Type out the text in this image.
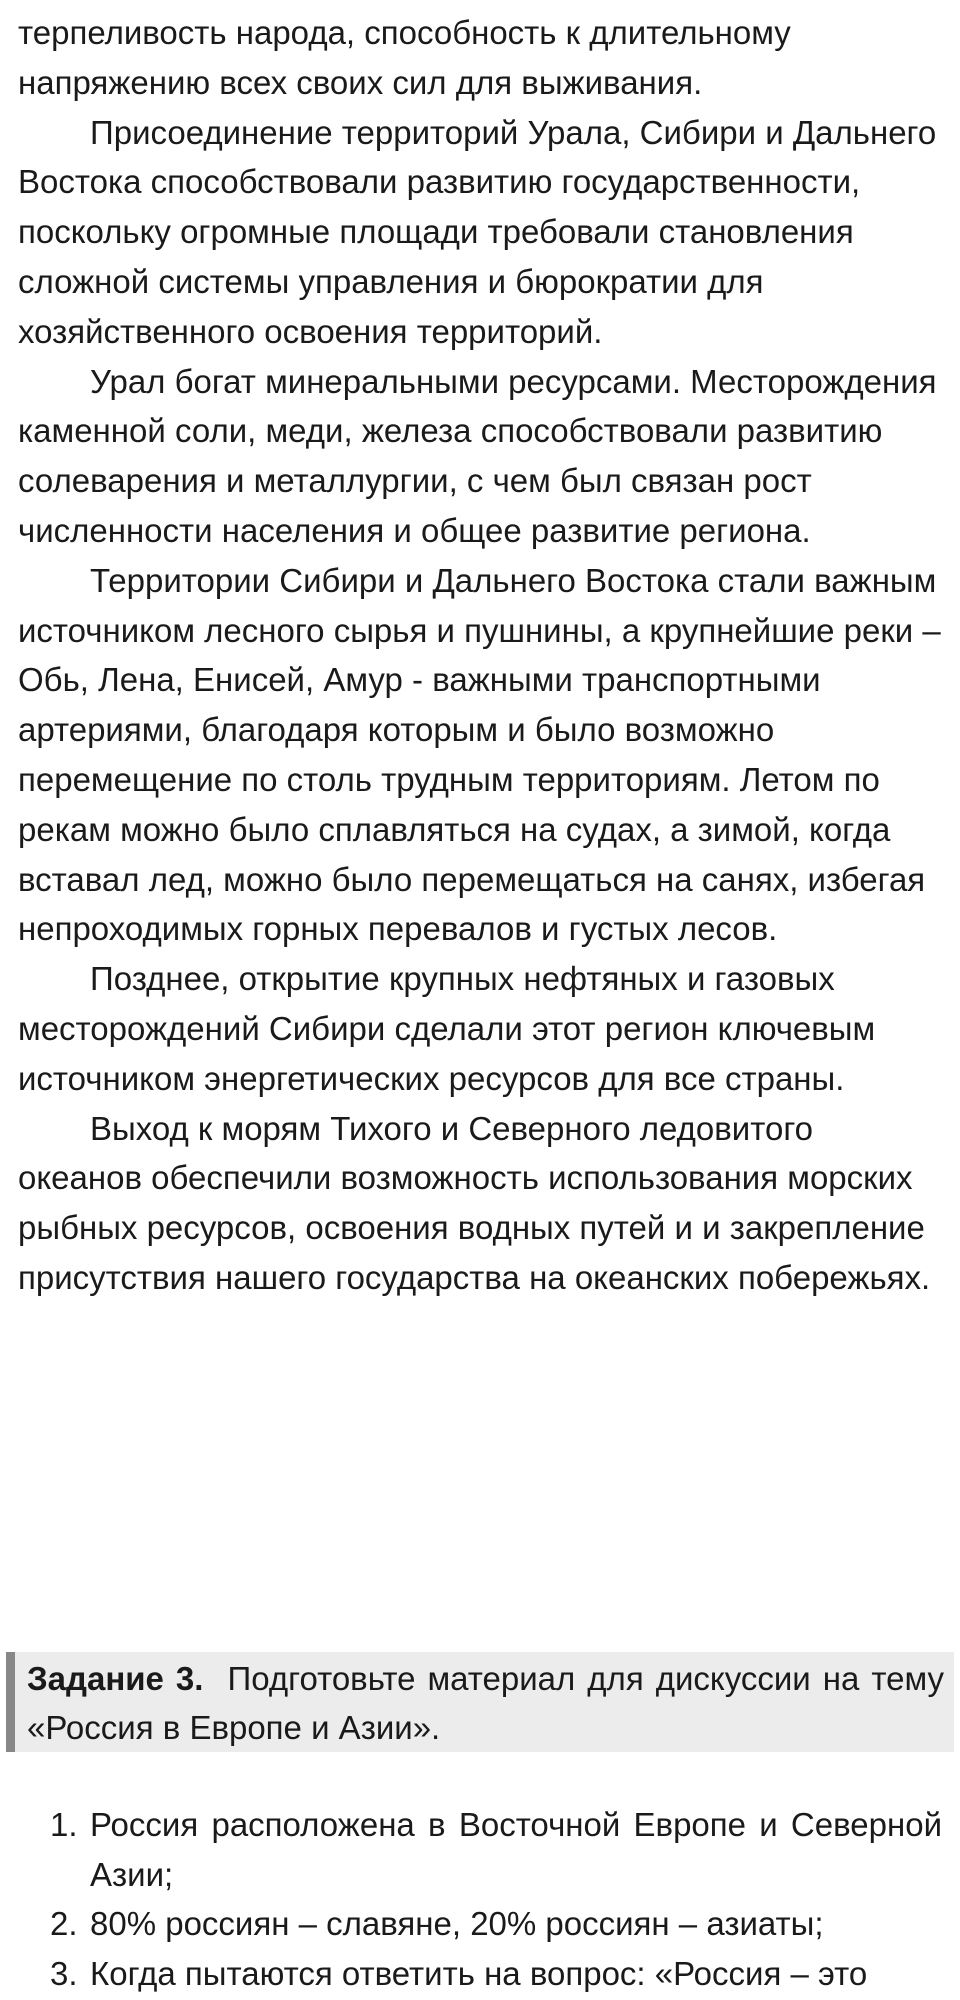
терпеливость народа, способность к длительному напряжению всех своих сил для выживания.

Присоединение территорий Урала, Сибири и Дальнего Востока способствовали развитию государственности, поскольку огромные площади требовали становления сложной системы управления и бюрократии для хозяйственного освоения территорий.

Урал богат минеральными ресурсами. Месторождения каменной соли, меди, железа способствовали развитию солеварения и металлургии, с чем был связан рост численности населения и общее развитие региона.

Территории Сибири и Дальнего Востока стали важным источником лесного сырья и пушнины, а крупнейшие реки – Обь, Лена, Енисей, Амур - важными транспортными артериями, благодаря которым и было возможно перемещение по столь трудным территориям. Летом по рекам можно было сплавляться на судах, а зимой, когда вставал лед, можно было перемещаться на санях, избегая непроходимых горных перевалов и густых лесов.

Позднее, открытие крупных нефтяных и газовых месторождений Сибири сделали этот регион ключевым источником энергетических ресурсов для все страны.

Выход к морям Тихого и Северного ледовитого океанов обеспечили возможность использования морских рыбных ресурсов, освоения водных путей и и закрепление присутствия нашего государства на океанских побережьях.

Задание 3. Подготовьте материал для дискуссии на тему «Россия в Европе и Азии».

1. Россия расположена в Восточной Европе и Северной Азии;
2. 80% россиян – славяне, 20% россиян – азиаты;
3. Когда пытаются ответить на вопрос: «Россия – это
